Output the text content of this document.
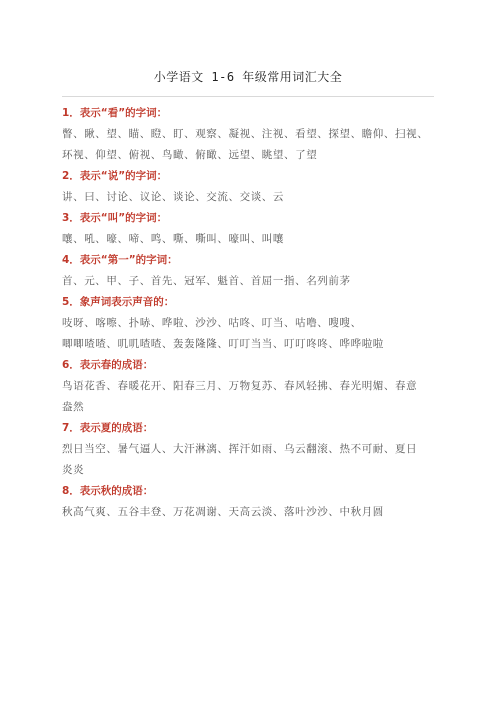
小学语文 1-6 年级常用词汇大全

1．表示“看”的字词：

瞥、瞅、望、瞄、瞪、盯、观察、凝视、注视、看望、探望、瞻仰、扫视、

环视、仰望、俯视、鸟瞰、俯瞰、远望、眺望、了望

2．表示“说”的字词：

讲、曰、讨论、议论、谈论、交流、交谈、云

3．表示“叫”的字词：

嚷、吼、嚎、啼、鸣、嘶、嘶叫、嚎叫、叫嚷

4．表示“第一”的字词：

首、元、甲、子、首先、冠军、魁首、首屈一指、名列前茅

5．象声词表示声音的：

吱呀、喀嚓、扑哧、哗啦、沙沙、咕咚、叮当、咕噜、嗖嗖、

唧唧喳喳、叽叽喳喳、轰轰隆隆、叮叮当当、叮叮咚咚、哗哗啦啦

6．表示春的成语：

鸟语花香、春暖花开、阳春三月、万物复苏、春风轻拂、春光明媚、春意

盎然

7．表示夏的成语：

烈日当空、暑气逼人、大汗淋漓、挥汗如雨、乌云翻滚、热不可耐、夏日

炎炎

8．表示秋的成语：

秋高气爽、五谷丰登、万花凋谢、天高云淡、落叶沙沙、中秋月圆
